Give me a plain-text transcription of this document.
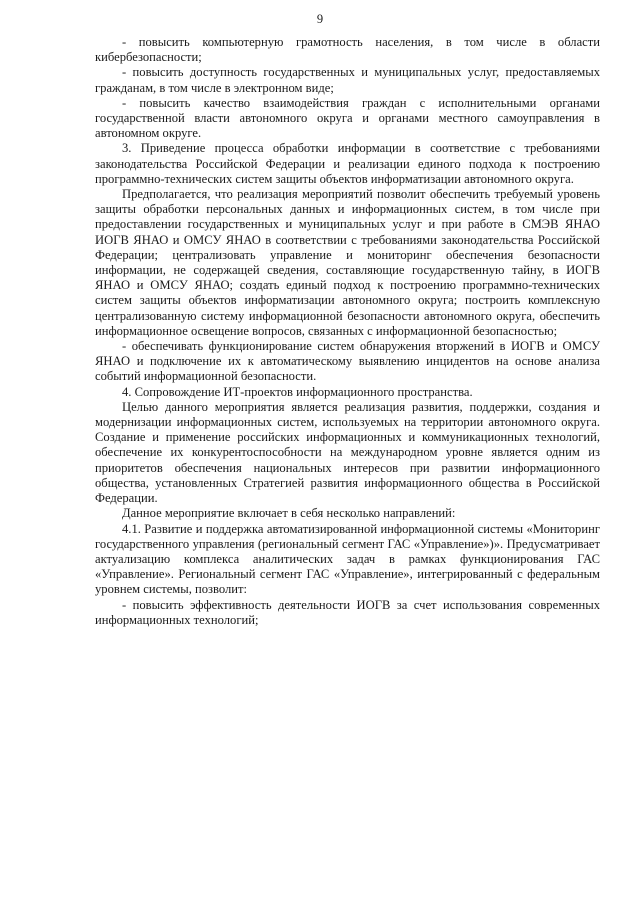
9

- повысить компьютерную грамотность населения, в том числе в области кибербезопасности;

- повысить доступность государственных и муниципальных услуг, предоставляемых гражданам, в том числе в электронном виде;

- повысить качество взаимодействия граждан с исполнительными органами государственной власти автономного округа и органами местного самоуправления в автономном округе.

3. Приведение процесса обработки информации в соответствие с требованиями законодательства Российской Федерации и реализации единого подхода к построению программно-технических систем защиты объектов информатизации автономного округа.

Предполагается, что реализация мероприятий позволит обеспечить требуемый уровень защиты обработки персональных данных и информационных систем, в том числе при предоставлении государственных и муниципальных услуг и при работе в СМЭВ ЯНАО ИОГВ ЯНАО и ОМСУ ЯНАО в соответствии с требованиями законодательства Российской Федерации; централизовать управление и мониторинг обеспечения безопасности информации, не содержащей сведения, составляющие государственную тайну, в ИОГВ ЯНАО и ОМСУ ЯНАО; создать единый подход к построению программно-технических систем защиты объектов информатизации автономного округа; построить комплексную централизованную систему информационной безопасности автономного округа, обеспечить информационное освещение вопросов, связанных с информационной безопасностью;

- обеспечивать функционирование систем обнаружения вторжений в ИОГВ и ОМСУ ЯНАО и подключение их к автоматическому выявлению инцидентов на основе анализа событий информационной безопасности.

4. Сопровождение ИТ-проектов информационного пространства.

Целью данного мероприятия является реализация развития, поддержки, создания и модернизации информационных систем, используемых на территории автономного округа. Создание и применение российских информационных и коммуникационных технологий, обеспечение их конкурентоспособности на международном уровне является одним из приоритетов обеспечения национальных интересов при развитии информационного общества, установленных Стратегией развития информационного общества в Российской Федерации.

Данное мероприятие включает в себя несколько направлений:

4.1. Развитие и поддержка автоматизированной информационной системы «Мониторинг государственного управления (региональный сегмент ГАС «Управление»)». Предусматривает актуализацию комплекса аналитических задач в рамках функционирования ГАС «Управление». Региональный сегмент ГАС «Управление», интегрированный с федеральным уровнем системы, позволит:

- повысить эффективность деятельности ИОГВ за счет использования современных информационных технологий;
